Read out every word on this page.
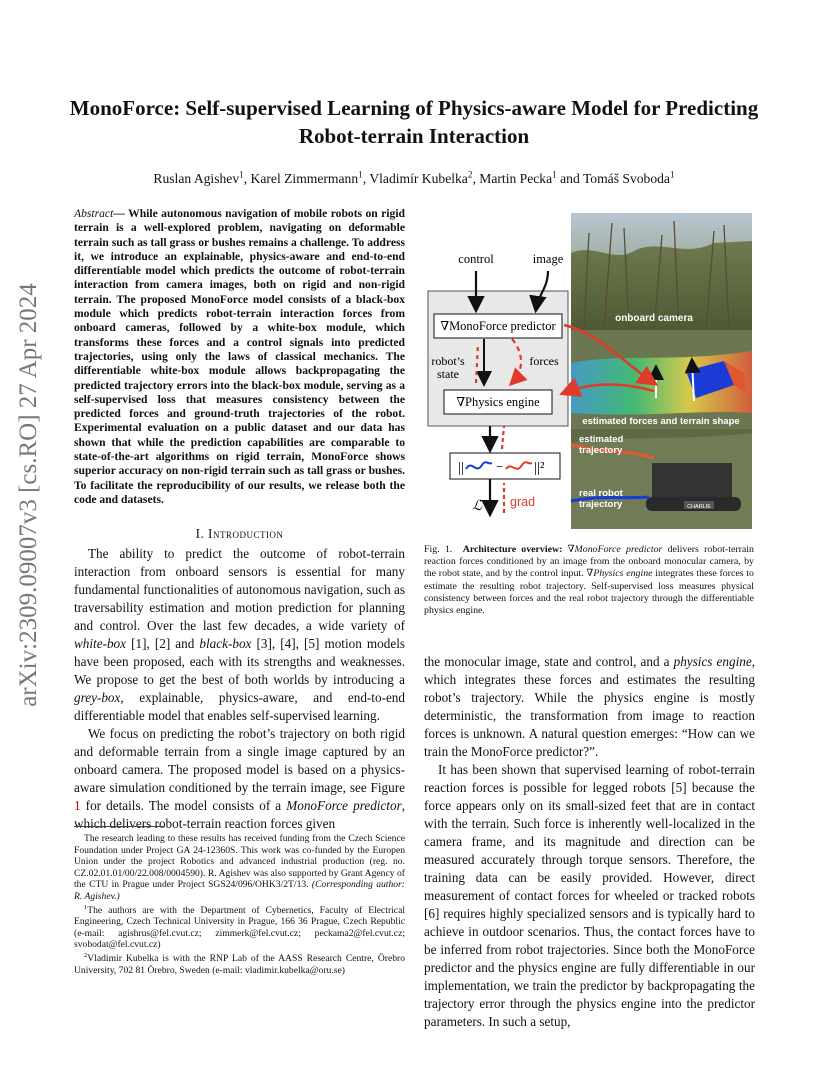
arXiv:2309.09007v3 [cs.RO] 27 Apr 2024
MonoForce: Self-supervised Learning of Physics-aware Model for Predicting Robot-terrain Interaction
Ruslan Agishev$^1$, Karel Zimmermann$^1$, Vladimír Kubelka$^2$, Martin Pecka$^1$ and Tomáš Svoboda$^1$
Abstract— While autonomous navigation of mobile robots on rigid terrain is a well-explored problem, navigating on deformable terrain such as tall grass or bushes remains a challenge. To address it, we introduce an explainable, physics-aware and end-to-end differentiable model which predicts the outcome of robot-terrain interaction from camera images, both on rigid and non-rigid terrain. The proposed MonoForce model consists of a black-box module which predicts robot-terrain interaction forces from onboard cameras, followed by a white-box module, which transforms these forces and a control signals into predicted trajectories, using only the laws of classical mechanics. The differentiable white-box module allows backpropagating the predicted trajectory errors into the black-box module, serving as a self-supervised loss that measures consistency between the predicted forces and ground-truth trajectories of the robot. Experimental evaluation on a public dataset and our data has shown that while the prediction capabilities are comparable to state-of-the-art algorithms on rigid terrain, MonoForce shows superior accuracy on non-rigid terrain such as tall grass or bushes. To facilitate the reproducibility of our results, we release both the code and datasets.
I. Introduction

The ability to predict the outcome of robot-terrain interaction from onboard sensors is essential for many fundamental functionalities of autonomous navigation, such as traversability estimation and motion prediction for planning and control. Over the last few decades, a wide variety of white-box [1], [2] and black-box [3], [4], [5] motion models have been proposed, each with its strengths and weaknesses. We propose to get the best of both worlds by introducing a grey-box, explainable, physics-aware, and end-to-end differentiable model that enables self-supervised learning.

We focus on predicting the robot’s trajectory on both rigid and deformable terrain from a single image captured by an onboard camera. The proposed model is based on a physics-aware simulation conditioned by the terrain image, see Figure 1 for details. The model consists of a MonoForce predictor, which delivers robot-terrain reaction forces given

The research leading to these results has received funding from the Czech Science Foundation under Project GA 24-12360S. This work was co-funded by the Europen Union under the project Robotics and advanced industrial production (reg. no. CZ.02.01.01/00/22.008/0004590). R. Agishev was also supported by Grant Agency of the CTU in Prague under Project SGS24/096/OHK3/2T/13. (Corresponding author: R. Agishev.)

$^1$The authors are with the Department of Cybernetics, Faculty of Electrical Engineering, Czech Technical University in Prague, 166 36 Prague, Czech Republic (e-mail: agishrus@fel.cvut.cz; zimmerk@fel.cvut.cz; peckama2@fel.cvut.cz; svobodat@fel.cvut.cz)

$^2$Vladimír Kubelka is with the RNP Lab of the AASS Research Centre, Örebro University, 702 81 Örebro, Sweden (e-mail: vladimir.kubelka@oru.se)

onboard camera
estimated forces and terrain shape
CHARLIE
estimated trajectory
real robot trajectory
control	image
∇MonoForce predictor
robot’s state
forces
∇Physics engine
|| − ||²
ℒ grad
Fig. 1. Architecture overview: ∇MonoForce predictor delivers robot-terrain reaction forces conditioned by an image from the onboard monocular camera, by the robot state, and by the control input. ∇Physics engine integrates these forces to estimate the resulting robot trajectory. Self-supervised loss measures physical consistency between forces and the real robot trajectory through the differentiable physics engine.

the monocular image, state and control, and a physics engine, which integrates these forces and estimates the resulting robot’s trajectory. While the physics engine is mostly deterministic, the transformation from image to reaction forces is unknown. A natural question emerges: “How can we train the MonoForce predictor?”.

It has been shown that supervised learning of robot-terrain reaction forces is possible for legged robots [5] because the force appears only on its small-sized feet that are in contact with the terrain. Such force is inherently well-localized in the camera frame, and its magnitude and direction can be measured accurately through torque sensors. Therefore, the training data can be easily provided. However, direct measurement of contact forces for wheeled or tracked robots [6] requires highly specialized sensors and is typically hard to achieve in outdoor scenarios. Thus, the contact forces have to be inferred from robot trajectories. Since both the MonoForce predictor and the physics engine are fully differentiable in our implementation, we train the predictor by backpropagating the trajectory error through the physics engine into the predictor parameters. In such a setup,
